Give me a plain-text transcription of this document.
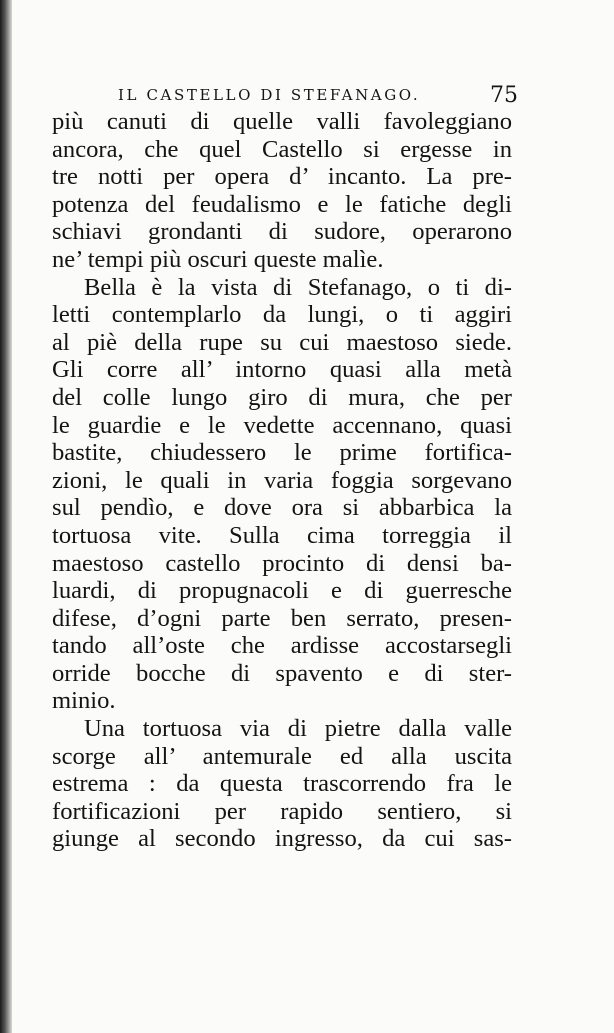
IL CASTELLO DI STEFANAGO.	75
più canuti di quelle valli favoleggiano
ancora, che quel Castello si ergesse in
tre notti per opera d’ incanto. La pre-
potenza del feudalismo e le fatiche degli
schiavi grondanti di sudore, operarono
ne’ tempi più oscuri queste malìe.
Bella è la vista di Stefanago, o ti di-
letti contemplarlo da lungi, o ti aggiri
al piè della rupe su cui maestoso siede.
Gli corre all’ intorno quasi alla metà
del colle lungo giro di mura, che per
le guardie e le vedette accennano, quasi
bastite, chiudessero le prime fortifica-
zioni, le quali in varia foggia sorgevano
sul pendìo, e dove ora si abbarbica la
tortuosa vite. Sulla cima torreggia il
maestoso castello procinto di densi ba-
luardi, di propugnacoli e di guerresche
difese, d’ogni parte ben serrato, presen-
tando all’oste che ardisse accostarsegli
orride bocche di spavento e di ster-
minio.
Una tortuosa via di pietre dalla valle
scorge all’ antemurale ed alla uscita
estrema : da questa trascorrendo fra le
fortificazioni per rapido sentiero, si
giunge al secondo ingresso, da cui sas-
